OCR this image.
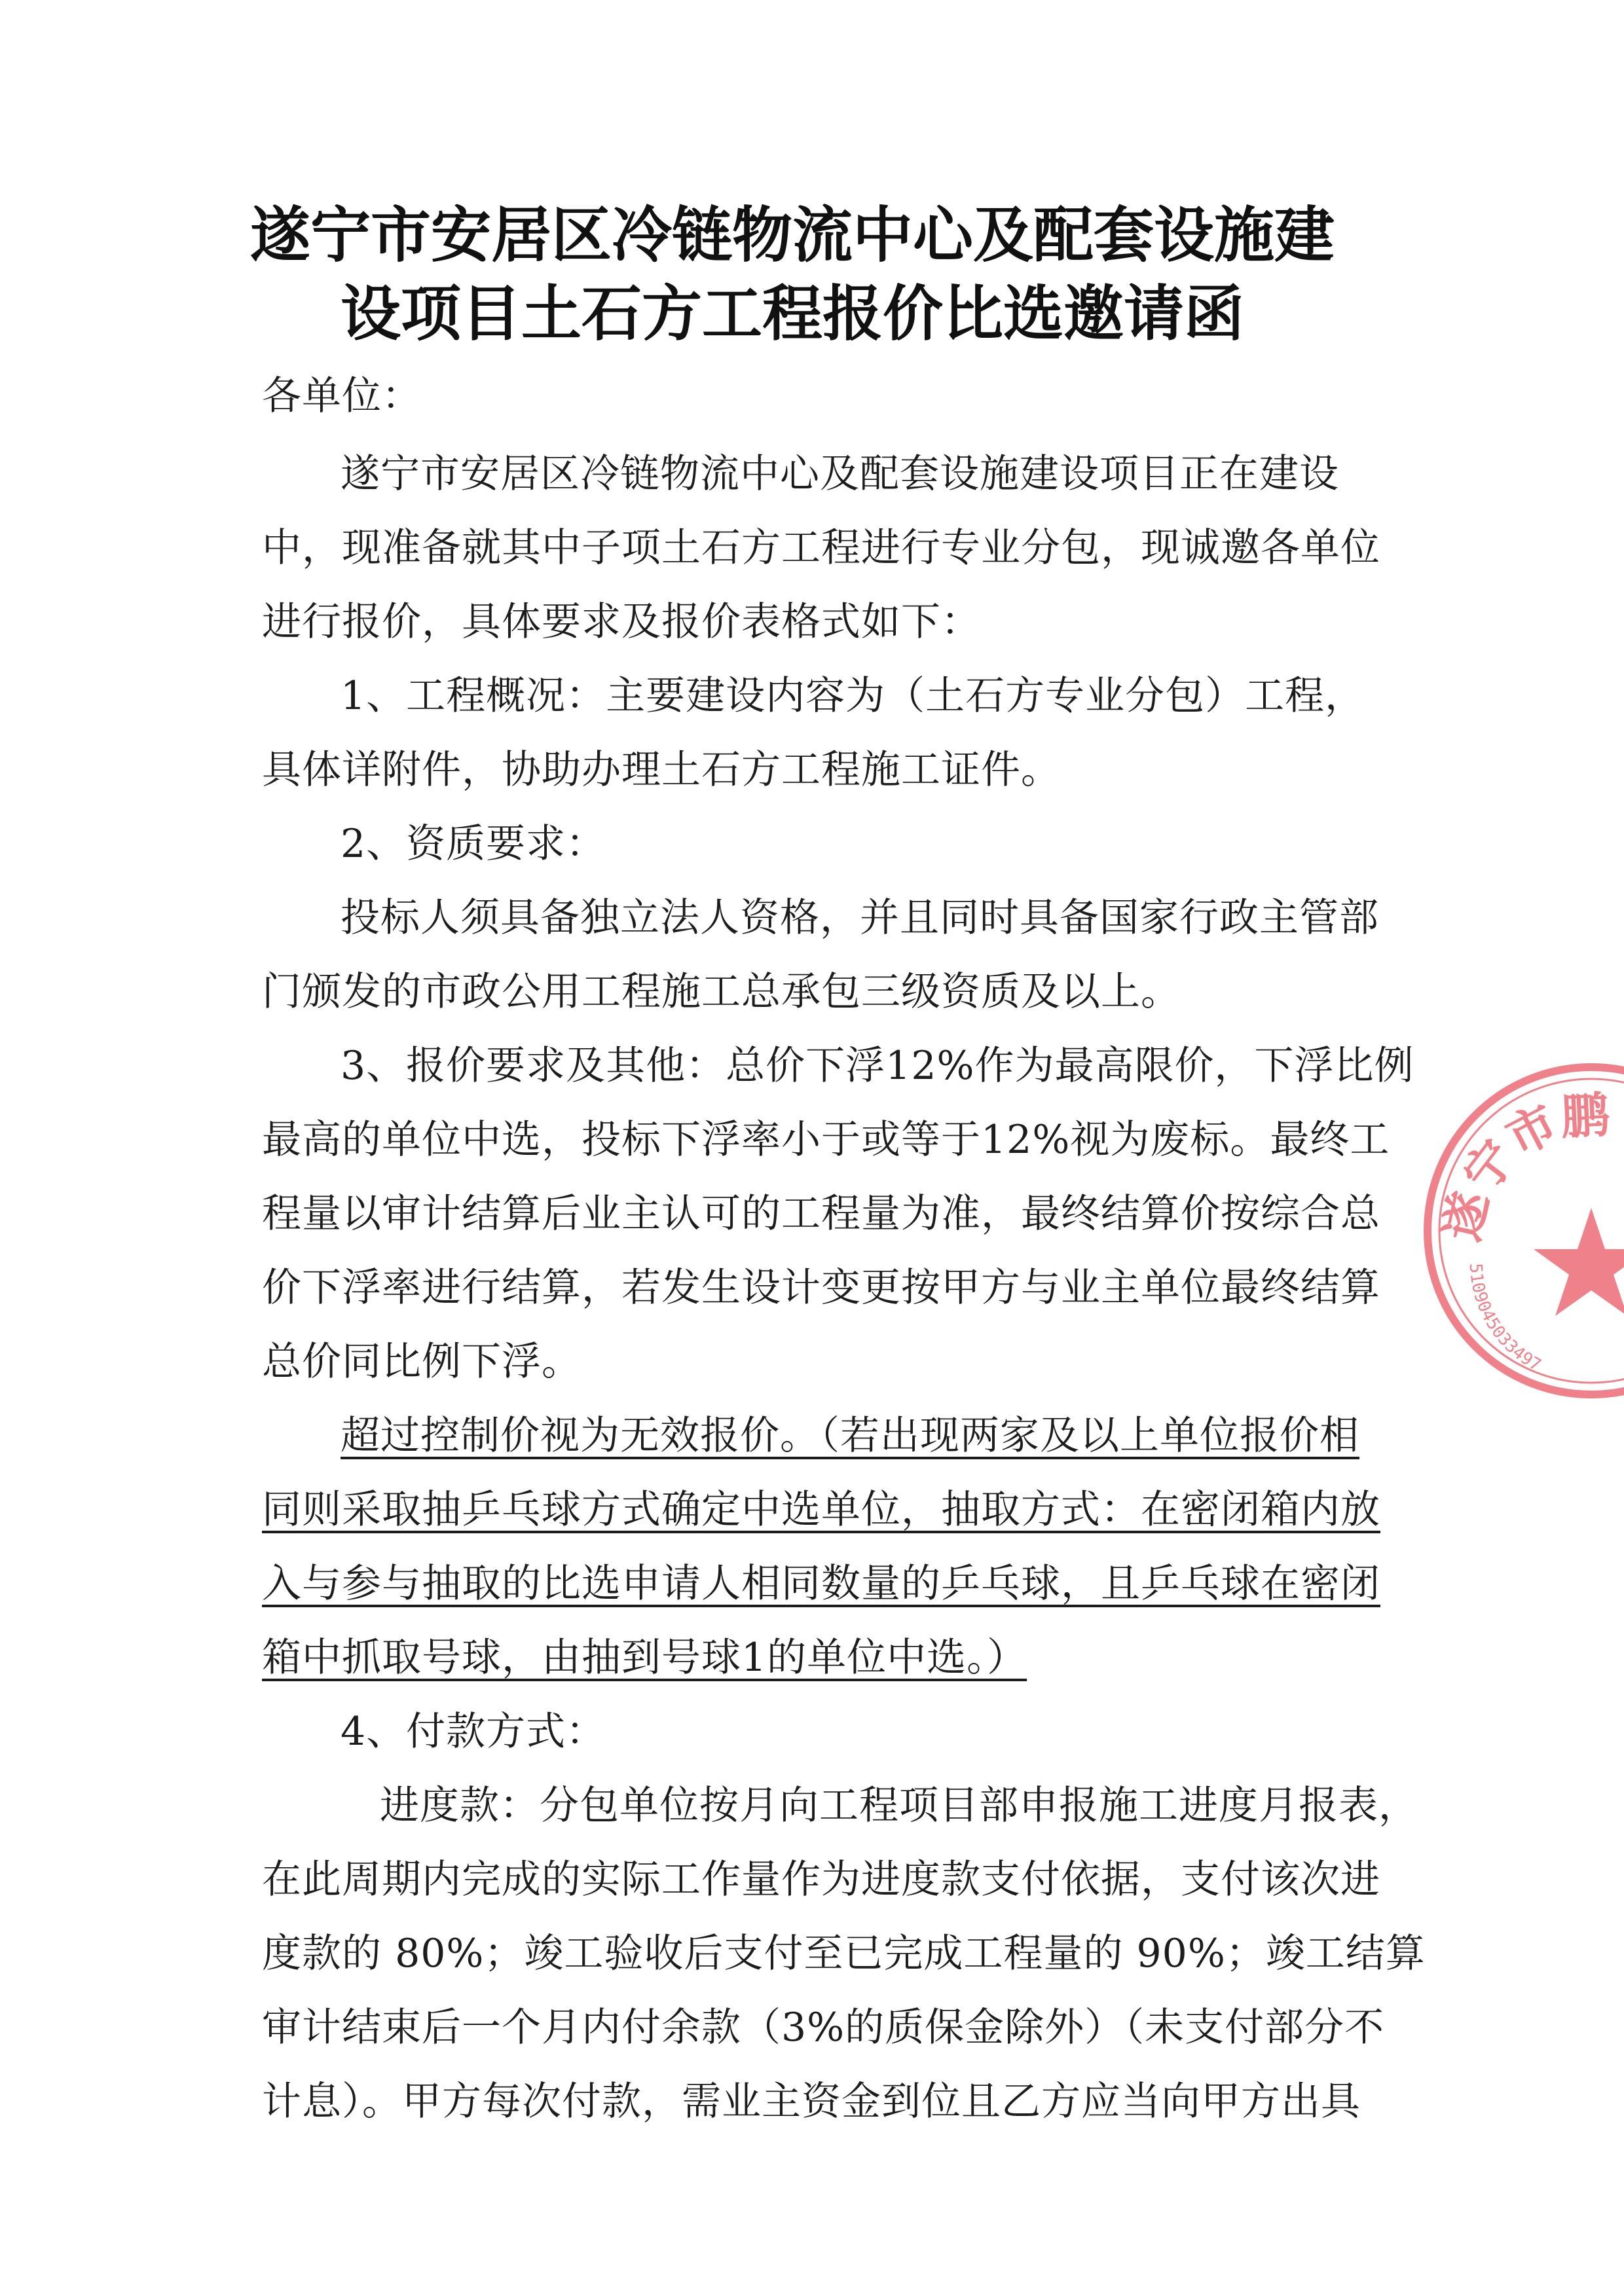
遂宁市安居区冷链物流中心及配套设施建
设项目土石方工程报价比选邀请函
各单位：
遂宁市安居区冷链物流中心及配套设施建设项目正在建设
中，现准备就其中子项土石方工程进行专业分包，现诚邀各单位
进行报价，具体要求及报价表格式如下：
1、工程概况：主要建设内容为（土石方专业分包）工程，
具体详附件，协助办理土石方工程施工证件。
2、资质要求：
投标人须具备独立法人资格，并且同时具备国家行政主管部
门颁发的市政公用工程施工总承包三级资质及以上。
3、报价要求及其他：总价下浮12%作为最高限价，下浮比例
最高的单位中选，投标下浮率小于或等于12%视为废标。最终工
程量以审计结算后业主认可的工程量为准，最终结算价按综合总
价下浮率进行结算，若发生设计变更按甲方与业主单位最终结算
总价同比例下浮。
超过控制价视为无效报价。（若出现两家及以上单位报价相
同则采取抽乒乓球方式确定中选单位，抽取方式：在密闭箱内放
入与参与抽取的比选申请人相同数量的乒乓球，且乒乓球在密闭
箱中抓取号球，由抽到号球1的单位中选。）
4、付款方式：
进度款：分包单位按月向工程项目部申报施工进度月报表，
在此周期内完成的实际工作量作为进度款支付依据，支付该次进
度款的 80%；竣工验收后支付至已完成工程量的 90%；竣工结算
审计结束后一个月内付余款（3%的质保金除外）（未支付部分不
计息）。甲方每次付款，需业主资金到位且乙方应当向甲方出具
遂宁市鹏
5109045033497
